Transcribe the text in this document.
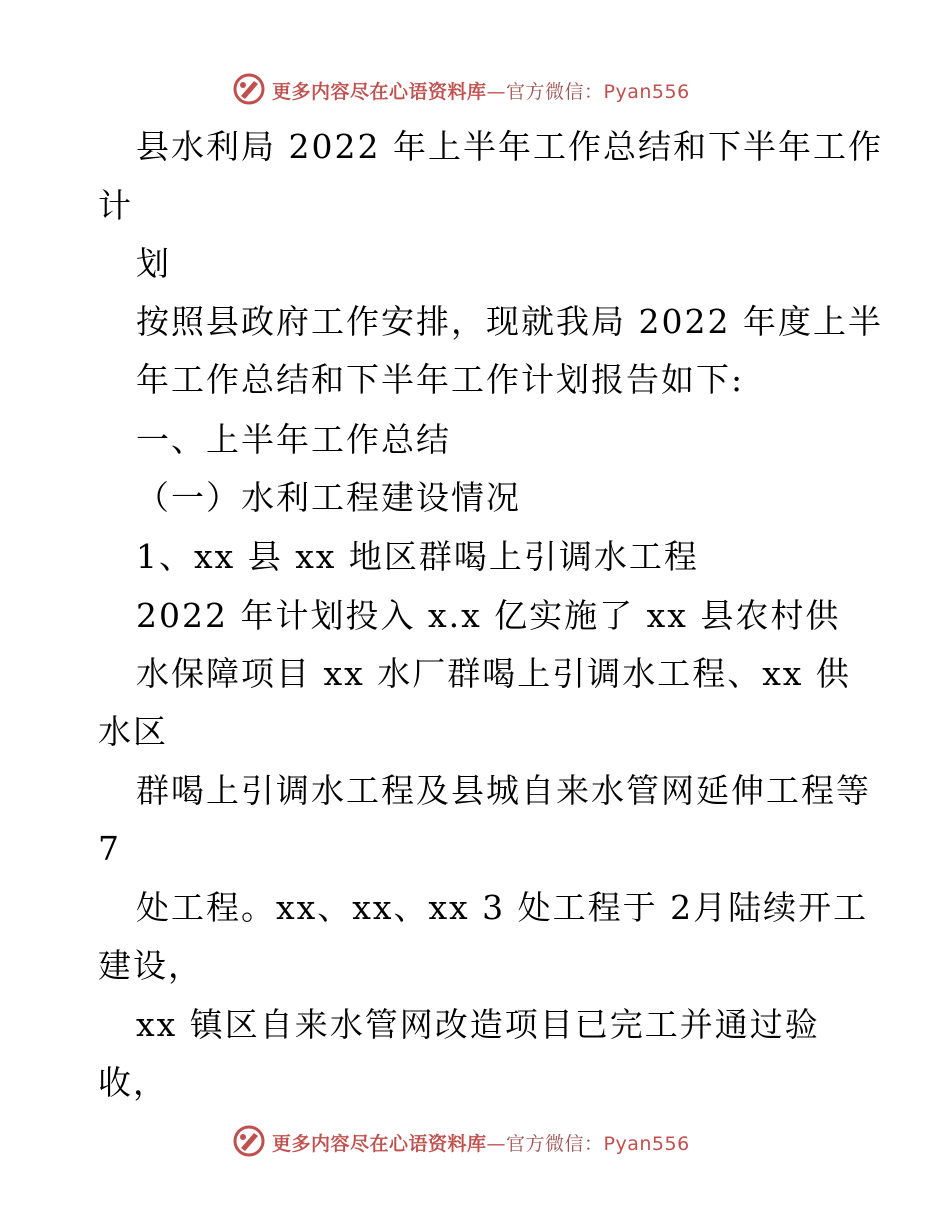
更多内容尽在心语资料库—官方微信：Pyan556
县水利局 2022 年上半年工作总结和下半年工作
计
划
按照县政府工作安排，现就我局 2022 年度上半
年工作总结和下半年工作计划报告如下:
一、上半年工作总结
（一）水利工程建设情况
1、xx 县 xx 地区群喝上引调水工程
2022 年计划投入 x.x 亿实施了 xx 县农村供
水保障项目 xx 水厂群喝上引调水工程、xx 供
水区
群喝上引调水工程及县城自来水管网延伸工程等
7
处工程。xx、xx、xx 3 处工程于 2月陆续开工
建设，
xx 镇区自来水管网改造项目已完工并通过验
收，
更多内容尽在心语资料库—官方微信：Pyan556
